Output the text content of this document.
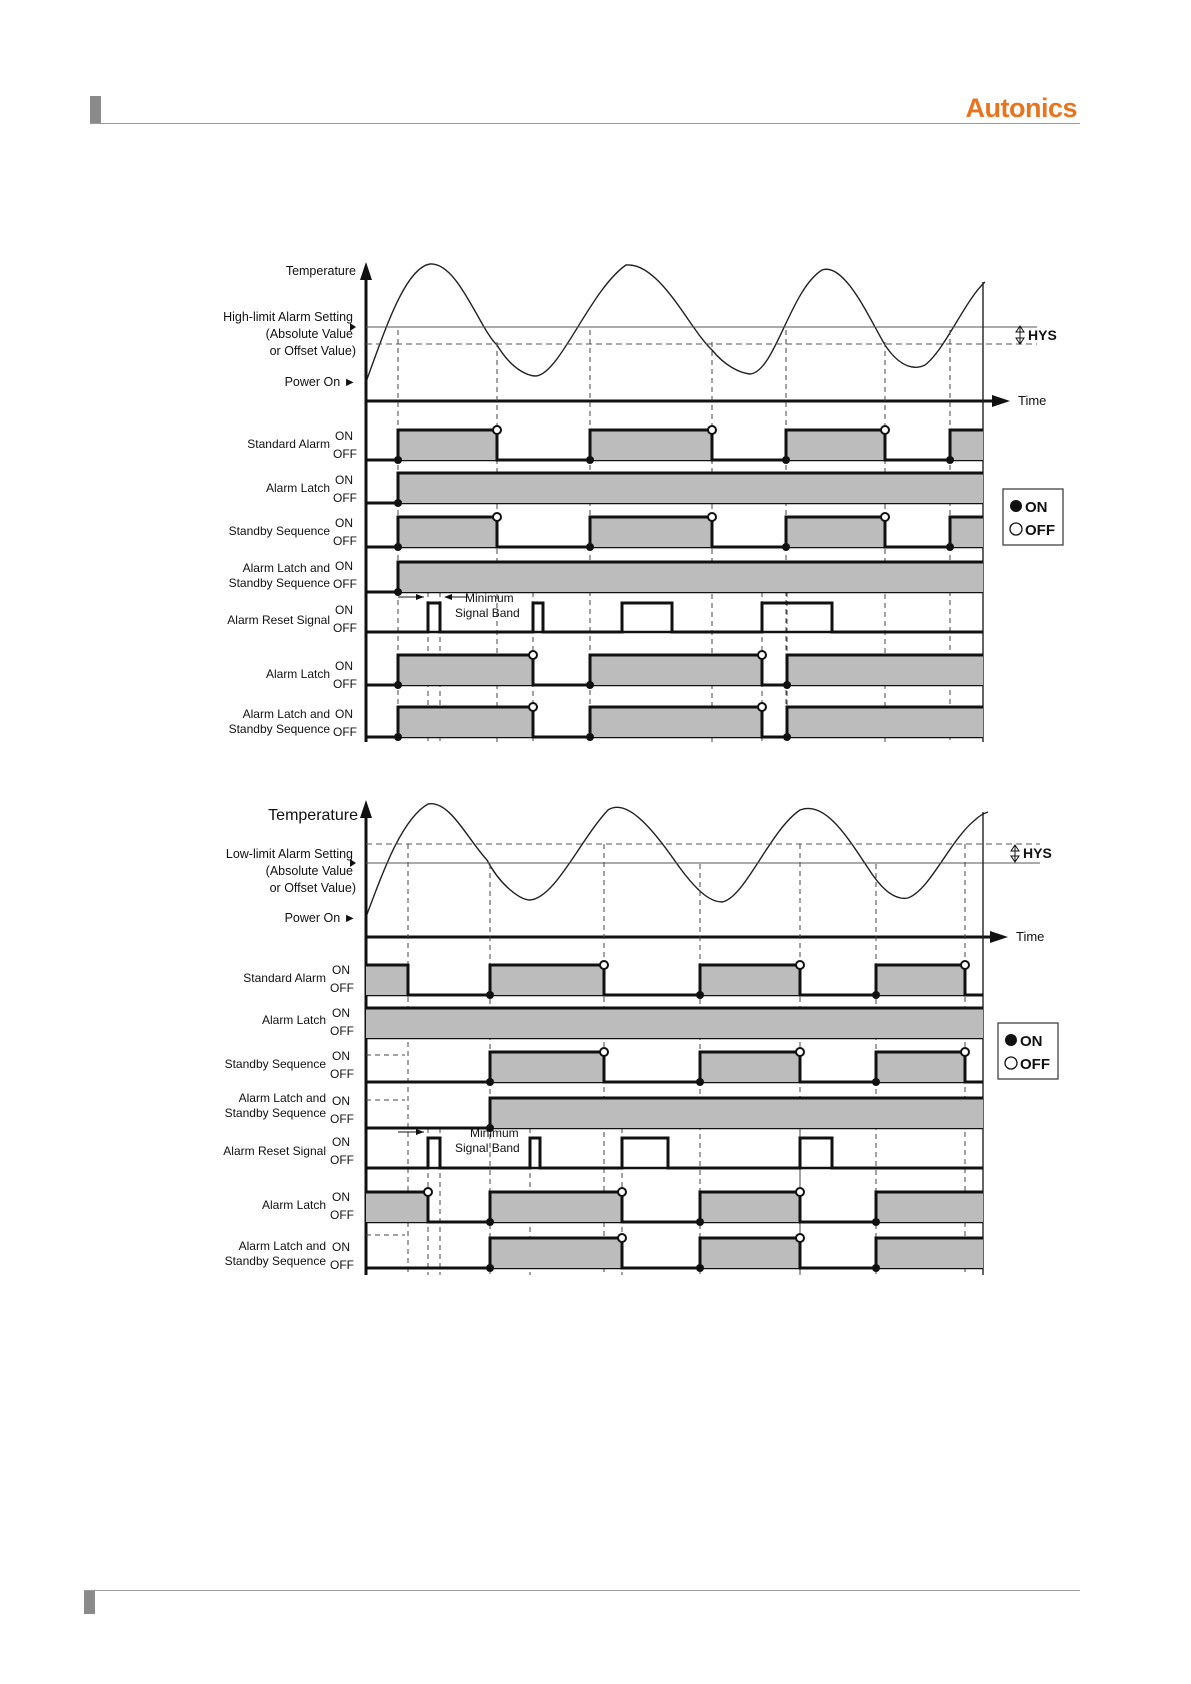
Autonics
HYS
Time
Temperature
High-limit Alarm Setting
(Absolute Value
or Offset Value)
Power On ►
Minimum
Signal Band
Standard Alarm
ON
OFF
Alarm Latch
ON
OFF
Standby Sequence
ON
OFF
Alarm Latch and
Standby Sequence
ON
OFF
Alarm Reset Signal
ON
OFF
Alarm Latch
ON
OFF
Alarm Latch and
Standby Sequence
ON
OFF
ON
OFF
HYS
Time
Temperature
Low-limit Alarm Setting
(Absolute Value
or Offset Value)
Power On ►
Minimum
Signal Band
Standard Alarm
ON
OFF
Alarm Latch ON
OFF
Standby Sequence
ON
OFF
Alarm Latch and
Standby Sequence
ON
OFF
Alarm Reset Signal
ON
OFF
Alarm Latch
ON
OFF
Alarm Latch and
Standby Sequence
ON
OFF
ON
OFF
